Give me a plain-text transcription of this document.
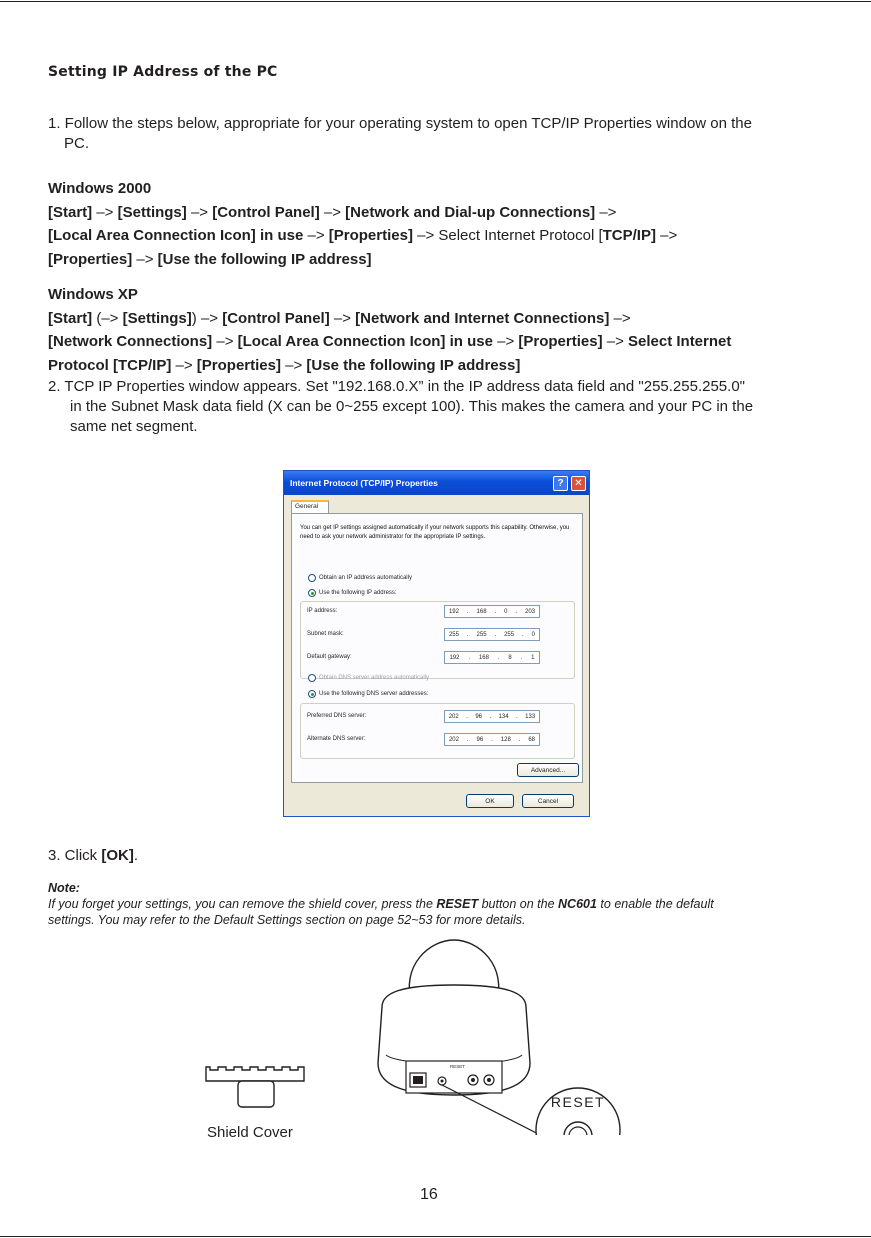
Setting IP Address of the PC
1. Follow the steps below, appropriate for your operating system to open TCP/IP Properties window on the
PC.
Windows 2000
[Start] –> [Settings] –> [Control Panel] –> [Network and Dial-up Connections] –>
[Local Area Connection Icon] in use –> [Properties] –> Select Internet Protocol [TCP/IP] –>
[Properties] –> [Use the following IP address]
Windows XP
[Start] (–> [Settings]) –> [Control Panel] –> [Network and Internet Connections] –>
[Network Connections] –> [Local Area Connection Icon] in use –> [Properties] –> Select Internet
Protocol [TCP/IP] –> [Properties] –> [Use the following IP address]
2. TCP IP Properties window appears. Set "192.168.0.X” in the IP address data field and "255.255.255.0"
in the Subnet Mask data field (X can be 0~255 except 100). This makes the camera and your PC in the
same net segment.
Internet Protocol (TCP/IP) Properties	?	✕
General
You can get IP settings assigned automatically if your network supports this capability. Otherwise, you need to ask your network administrator for the appropriate IP settings.
Obtain an IP address automatically
Use the following IP address:
IP address:	192 . 168 . 0 . 203
Subnet mask:	255 . 255 . 255 . 0
Default gateway:	192 . 168 . 8 . 1
Obtain DNS server address automatically
Use the following DNS server addresses:
Preferred DNS server:	202 . 96 . 134 . 133
Alternate DNS server:	202 . 96 . 128 . 68
Advanced...
OK	Cancel
3. Click [OK].
Note:
If you forget your settings, you can remove the shield cover, press the RESET button on the NC601 to enable the default
settings. You may refer to the Default Settings section on page 52~53 for more details.
RESET
RESET
Shield Cover
16
